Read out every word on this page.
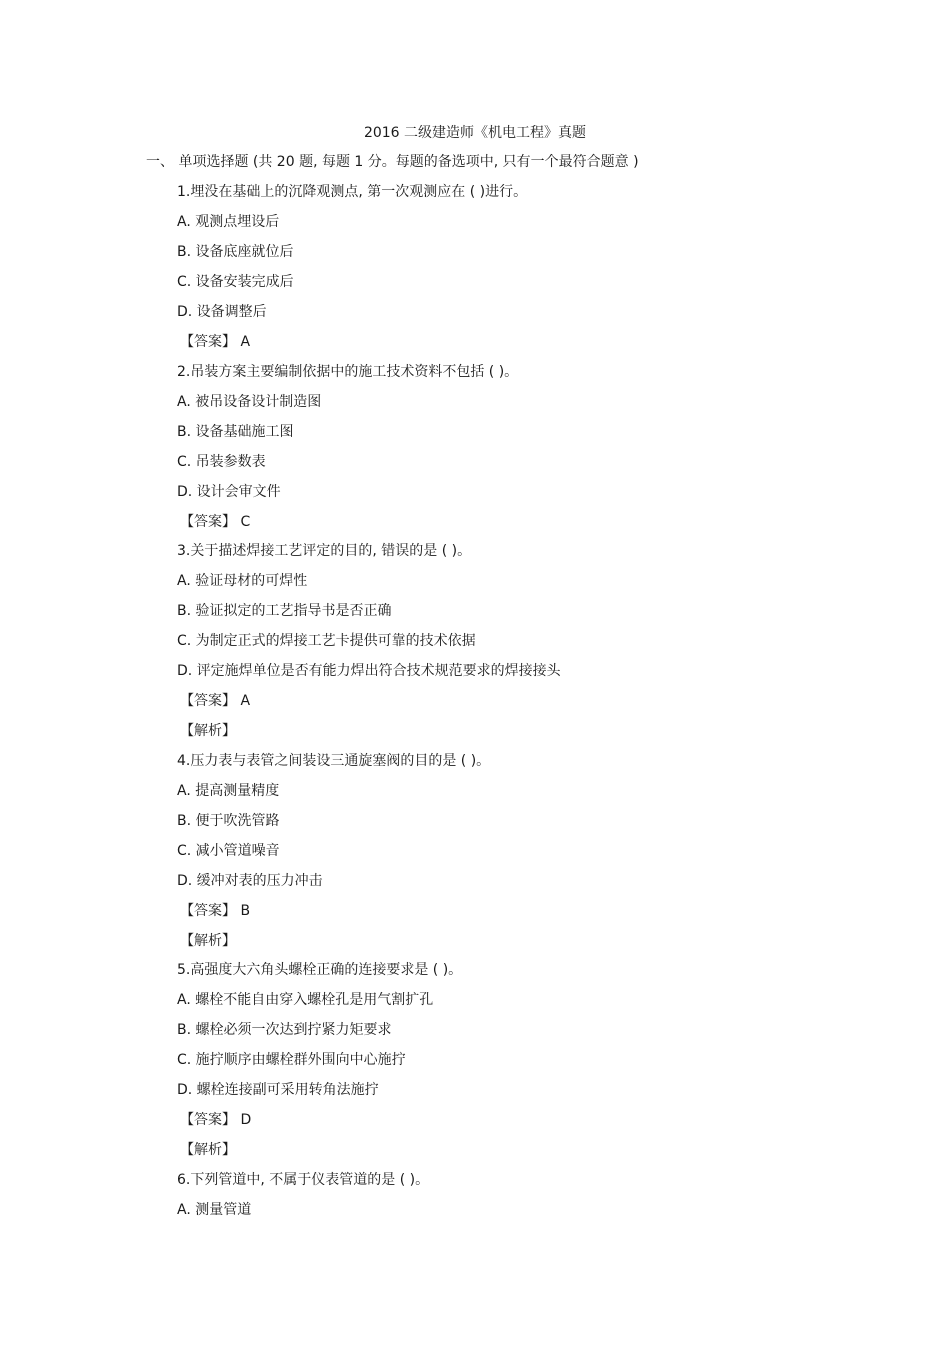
2016 二级建造师《机电工程》真题
一、 单项选择题 (共 20 题, 每题 1 分。每题的备选项中, 只有一个最符合题意 )
1.埋没在基础上的沉降观测点, 第一次观测应在 ( )进行。
A. 观测点埋设后
B. 设备底座就位后
C. 设备安装完成后
D. 设备调整后
【答案】 A
2.吊装方案主要编制依据中的施工技术资料不包括 ( )。
A. 被吊设备设计制造图
B. 设备基础施工图
C. 吊装参数表
D. 设计会审文件
【答案】 C
3.关于描述焊接工艺评定的目的, 错误的是 ( )。
A. 验证母材的可焊性
B. 验证拟定的工艺指导书是否正确
C. 为制定正式的焊接工艺卡提供可靠的技术依据
D. 评定施焊单位是否有能力焊出符合技术规范要求的焊接接头
【答案】 A
【解析】
4.压力表与表管之间装设三通旋塞阀的目的是 ( )。
A. 提高测量精度
B. 便于吹洗管路
C. 减小管道噪音
D. 缓冲对表的压力冲击
【答案】 B
【解析】
5.高强度大六角头螺栓正确的连接要求是 ( )。
A. 螺栓不能自由穿入螺栓孔是用气割扩孔
B. 螺栓必须一次达到拧紧力矩要求
C. 施拧顺序由螺栓群外围向中心施拧
D. 螺栓连接副可采用转角法施拧
【答案】 D
【解析】
6.下列管道中, 不属于仪表管道的是 ( )。
A. 测量管道
